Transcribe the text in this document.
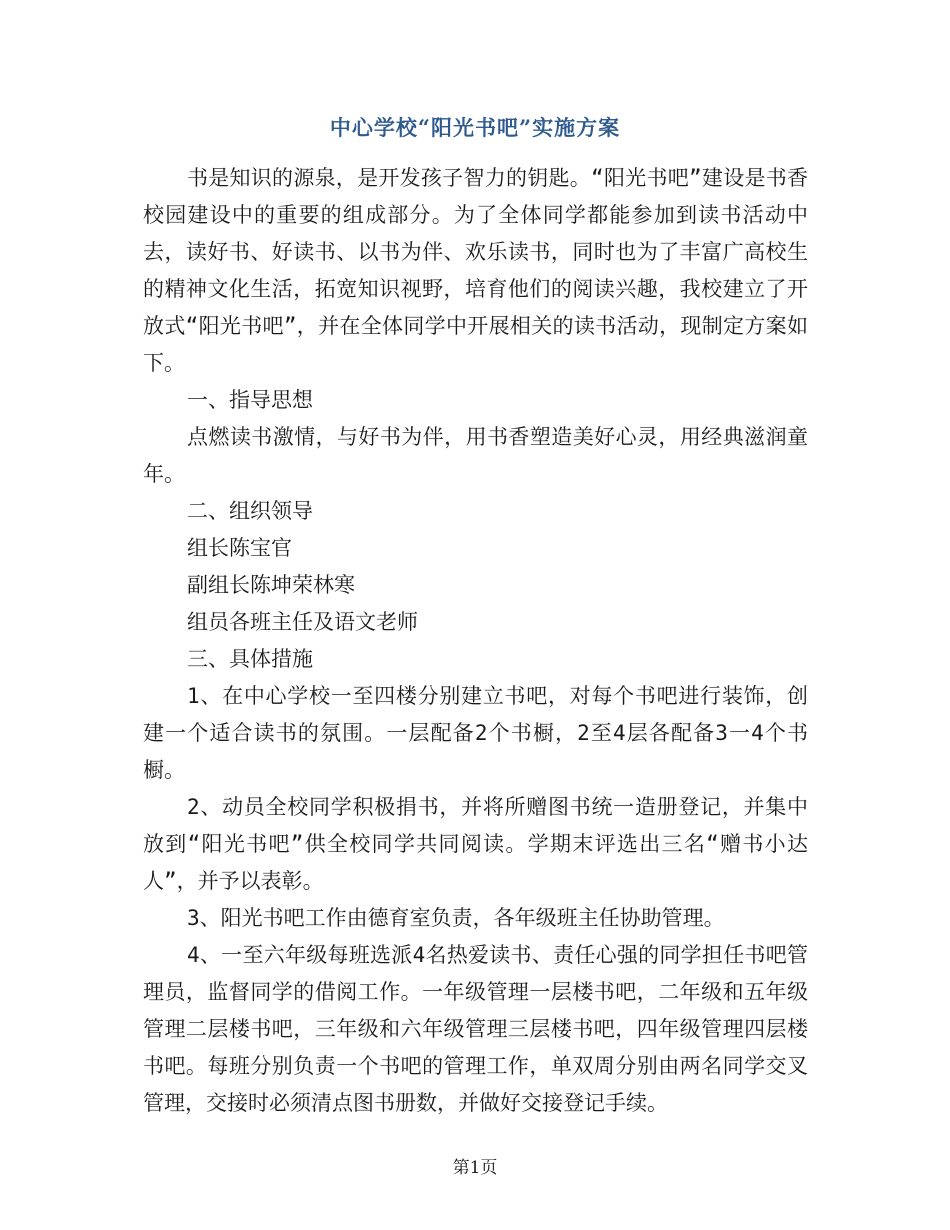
中心学校“阳光书吧”实施方案

书是知识的源泉，是开发孩子智力的钥匙。“阳光书吧”建设是书香校园建设中的重要的组成部分。为了全体同学都能参加到读书活动中去，读好书、好读书、以书为伴、欢乐读书，同时也为了丰富广高校生的精神文化生活，拓宽知识视野，培育他们的阅读兴趣，我校建立了开放式“阳光书吧”，并在全体同学中开展相关的读书活动，现制定方案如下。

一、指导思想

点燃读书激情，与好书为伴，用书香塑造美好心灵，用经典滋润童年。

二、组织领导

组长陈宝官

副组长陈坤荣林寒

组员各班主任及语文老师

三、具体措施

1、在中心学校一至四楼分别建立书吧，对每个书吧进行装饰，创建一个适合读书的氛围。一层配备2个书橱，2至4层各配备3一4个书橱。

2、动员全校同学积极捐书，并将所赠图书统一造册登记，并集中放到“阳光书吧”供全校同学共同阅读。学期末评选出三名“赠书小达人”，并予以表彰。

3、阳光书吧工作由德育室负责，各年级班主任协助管理。

4、一至六年级每班选派4名热爱读书、责任心强的同学担任书吧管理员，监督同学的借阅工作。一年级管理一层楼书吧，二年级和五年级管理二层楼书吧，三年级和六年级管理三层楼书吧，四年级管理四层楼书吧。每班分别负责一个书吧的管理工作，单双周分别由两名同学交叉管理，交接时必须清点图书册数，并做好交接登记手续。

第1页
